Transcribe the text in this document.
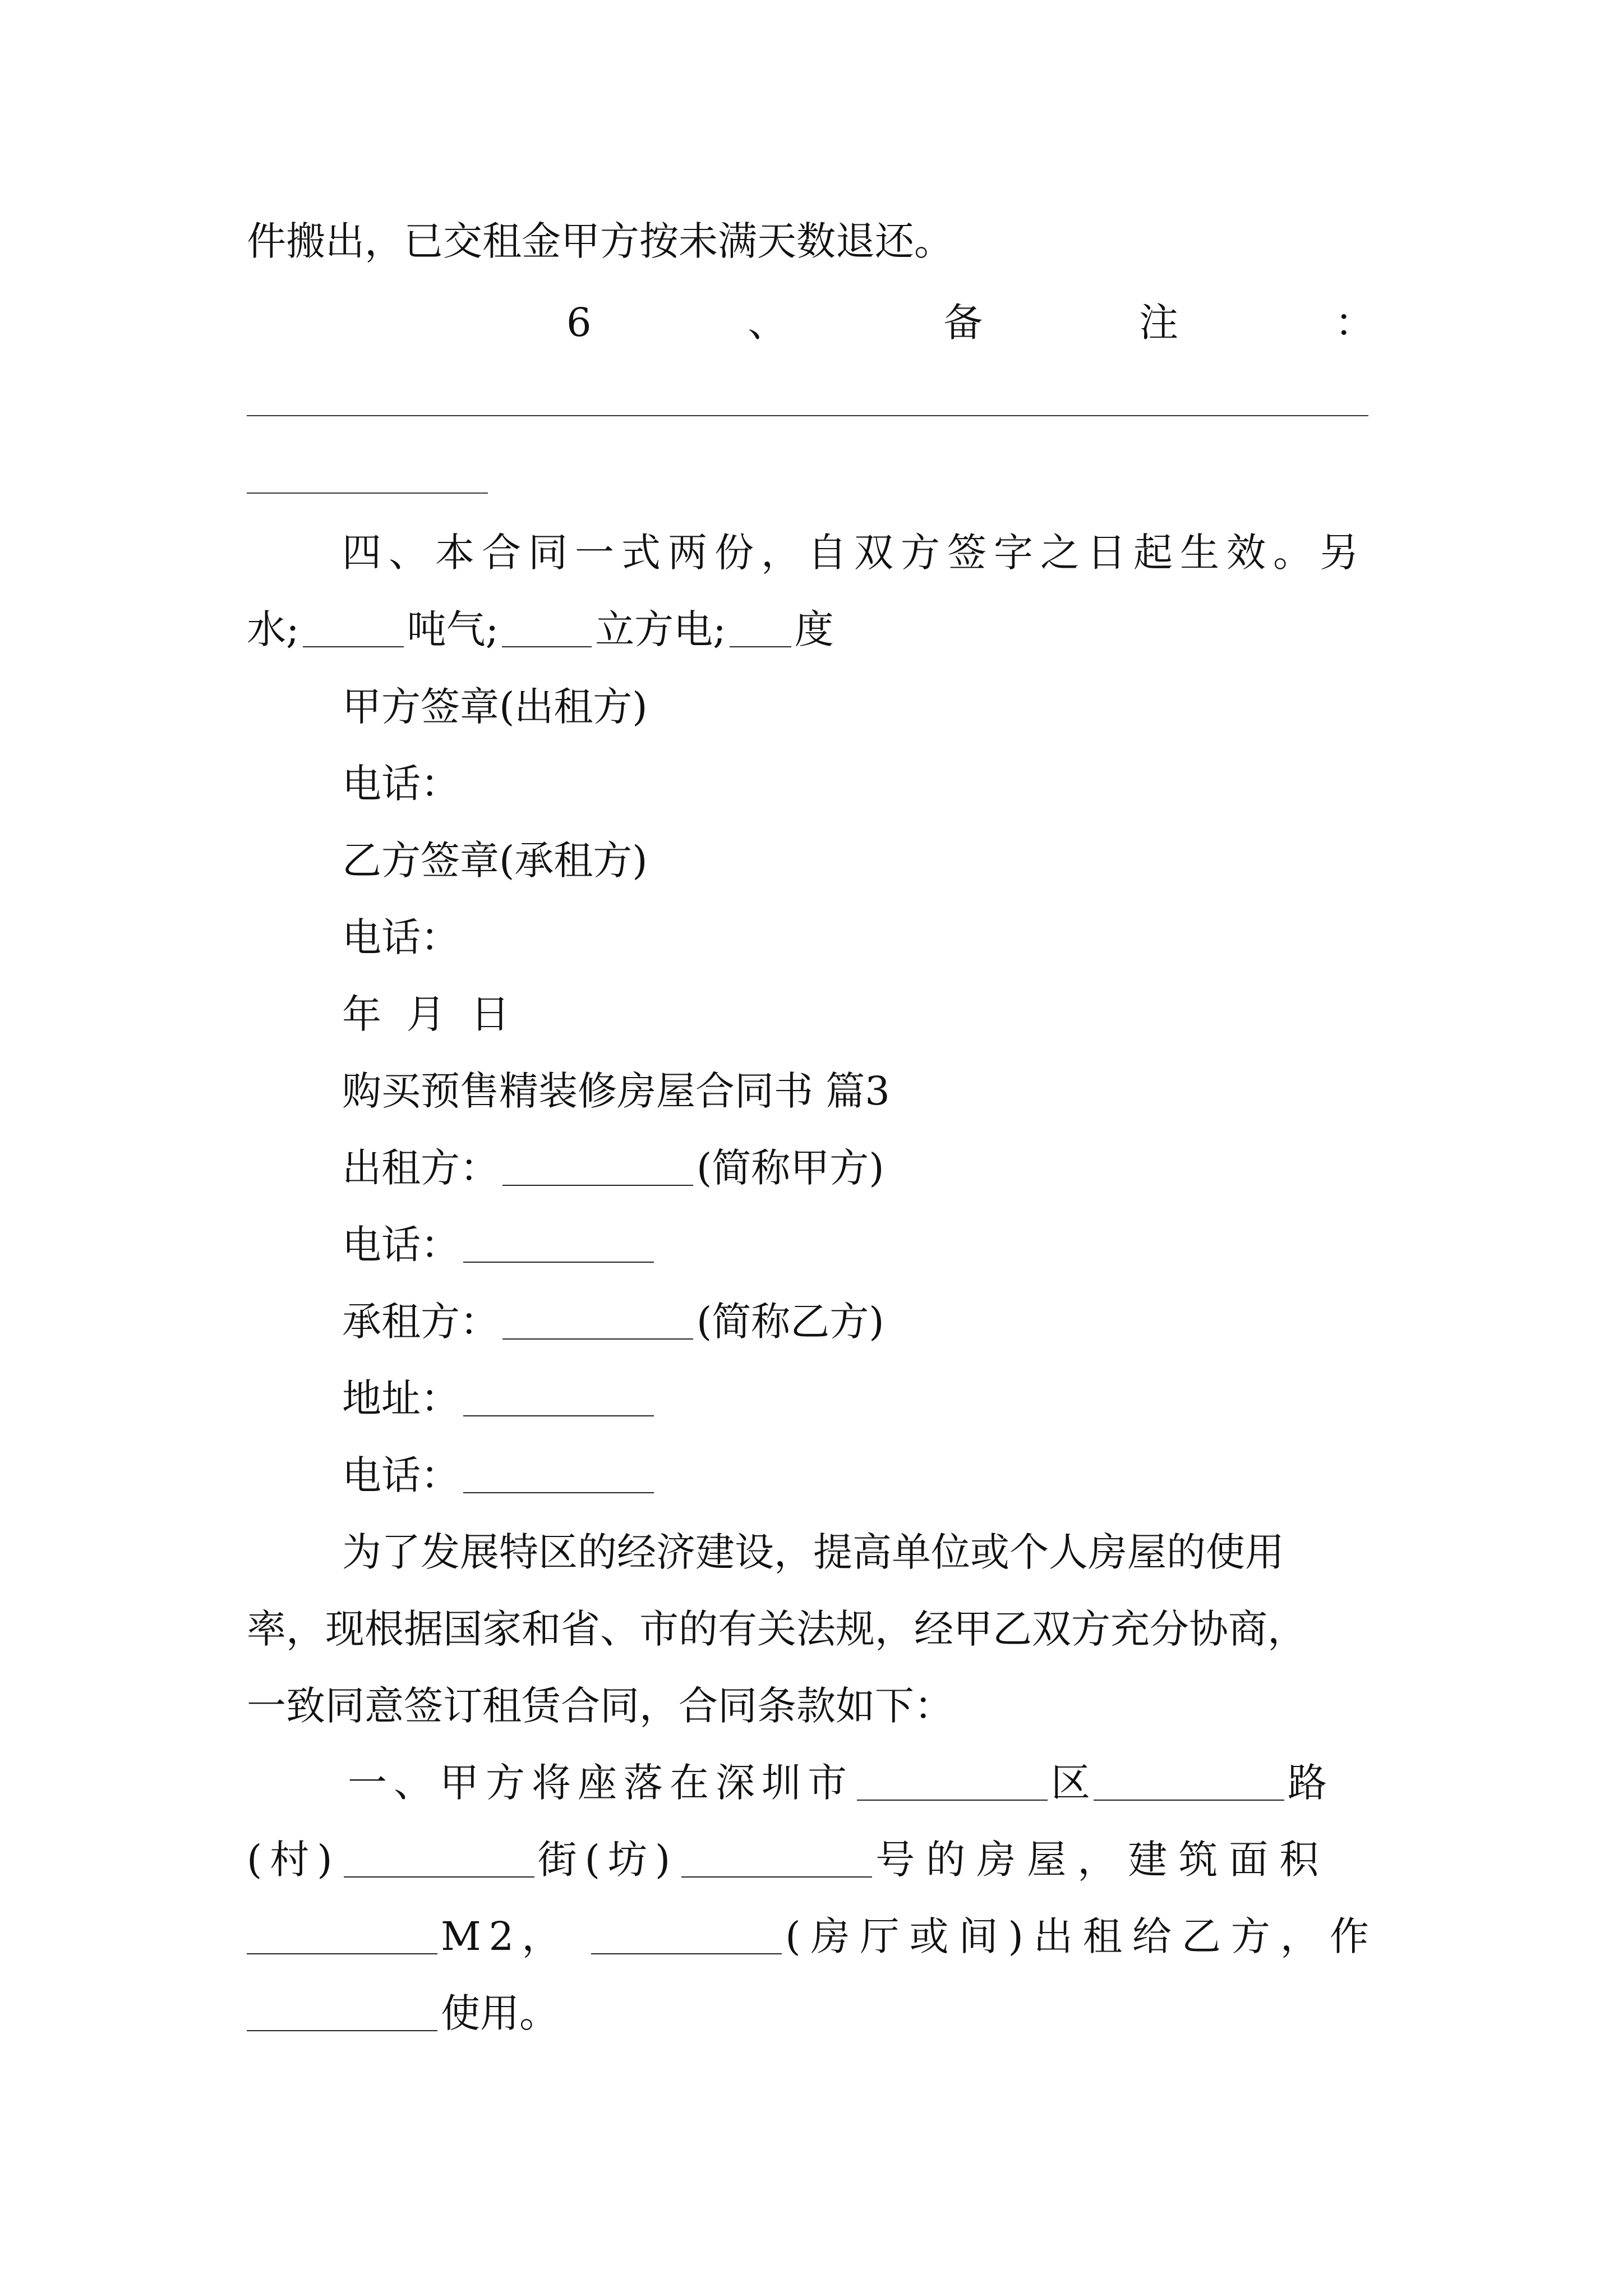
件搬出，已交租金甲方按未满天数退还。
6	、	备	注	：
四、本合同一式两份，自双方签字之日起生效。另
水;	吨气; 立方电; 度
甲方签章(出租方)
电话：
乙方签章(承租方)
电话：
年  月  日
购买预售精装修房屋合同书 篇3
出租方：	(简称甲方)
电话：
承租方：	(简称乙方)
地址：
电话：
为了发展特区的经济建设，提高单位或个人房屋的使用
率，现根据国家和省、市的有关法规，经甲乙双方充分协商，
一致同意签订租赁合同，合同条款如下：
一、甲方将座落在深圳市	区	路
(村)	街(坊)	号的房屋，建筑面积
M2，	(房厅或间)出租给乙方，作
使用。
